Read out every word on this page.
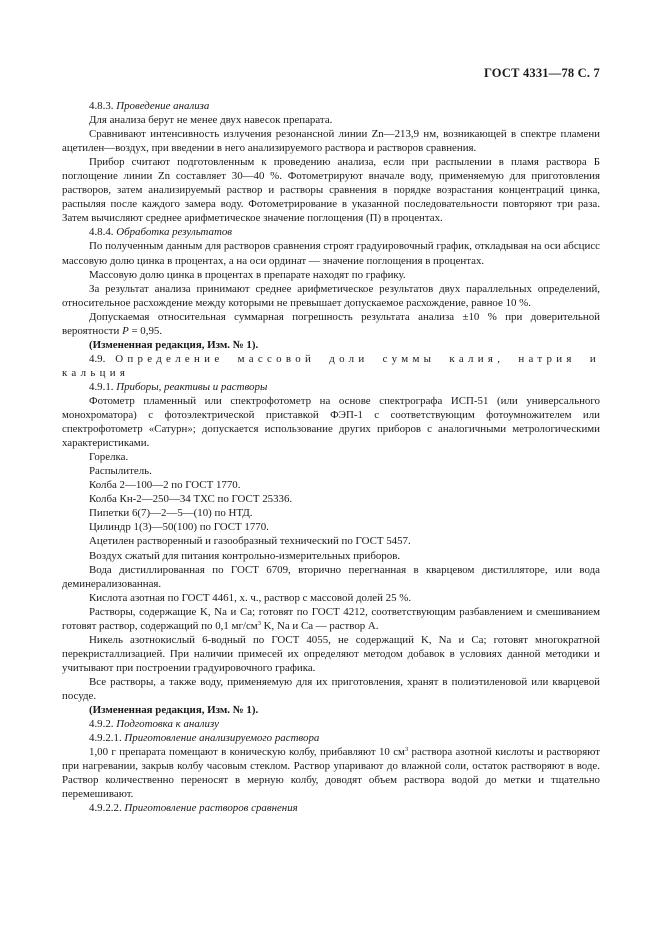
ГОСТ 4331—78 С. 7

4.8.3. Проведение анализа

Для анализа берут не менее двух навесок препарата.

Сравнивают интенсивность излучения резонансной линии Zn—213,9 нм, возникающей в спектре пламени ацетилен—воздух, при введении в него анализируемого раствора и растворов сравнения.

Прибор считают подготовленным к проведению анализа, если при распылении в пламя раствора Б поглощение линии Zn составляет 30—40 %. Фотометрируют вначале воду, применяемую для приготовления растворов, затем анализируемый раствор и растворы сравнения в порядке возрастания концентраций цинка, распыляя после каждого замера воду. Фотометрирование в указанной последовательности повторяют три раза. Затем вычисляют среднее арифметическое значение поглощения (П) в процентах.

4.8.4. Обработка результатов

По полученным данным для растворов сравнения строят градуировочный график, откладывая на оси абсцисс массовую долю цинка в процентах, а на оси ординат — значение поглощения в процентах.

Массовую долю цинка в процентах в препарате находят по графику.

За результат анализа принимают среднее арифметическое результатов двух параллельных определений, относительное расхождение между которыми не превышает допускаемое расхождение, равное 10 %.

Допускаемая относительная суммарная погрешность результата анализа ±10 % при доверительной вероятности P = 0,95.

(Измененная редакция, Изм. № 1).

4.9. Определение массовой доли суммы калия, натрия и кальция

4.9.1. Приборы, реактивы и растворы

Фотометр пламенный или спектрофотометр на основе спектрографа ИСП-51 (или универсального монохроматора) с фотоэлектрической приставкой ФЭП-1 с соответствующим фотоумножителем или спектрофотометр «Сатурн»; допускается использование других приборов с аналогичными метрологическими характеристиками.

Горелка.

Распылитель.

Колба 2—100—2 по ГОСТ 1770.

Колба Кн-2—250—34 ТХС по ГОСТ 25336.

Пипетки 6(7)—2—5—(10) по НТД.

Цилиндр 1(3)—50(100) по ГОСТ 1770.

Ацетилен растворенный и газообразный технический по ГОСТ 5457.

Воздух сжатый для питания контрольно-измерительных приборов.

Вода дистиллированная по ГОСТ 6709, вторично перегнанная в кварцевом дистилляторе, или вода деминерализованная.

Кислота азотная по ГОСТ 4461, х. ч., раствор с массовой долей 25 %.

Растворы, содержащие K, Na и Ca; готовят по ГОСТ 4212, соответствующим разбавлением и смешиванием готовят раствор, содержащий по 0,1 $мг/см^3$ K, Na и Ca — раствор А.

Никель азотнокислый 6-водный по ГОСТ 4055, не содержащий K, Na и Ca; готовят многократной перекристаллизацией. При наличии примесей их определяют методом добавок в условиях данной методики и учитывают при построении градуировочного графика.

Все растворы, а также воду, применяемую для их приготовления, хранят в полиэтиленовой или кварцевой посуде.

(Измененная редакция, Изм. № 1).

4.9.2. Подготовка к анализу

4.9.2.1. Приготовление анализируемого раствора

1,00 г препарата помещают в коническую колбу, прибавляют 10 $см^3$ раствора азотной кислоты и растворяют при нагревании, закрыв колбу часовым стеклом. Раствор упаривают до влажной соли, остаток растворяют в воде. Раствор количественно переносят в мерную колбу, доводят объем раствора водой до метки и тщательно перемешивают.

4.9.2.2. Приготовление растворов сравнения
